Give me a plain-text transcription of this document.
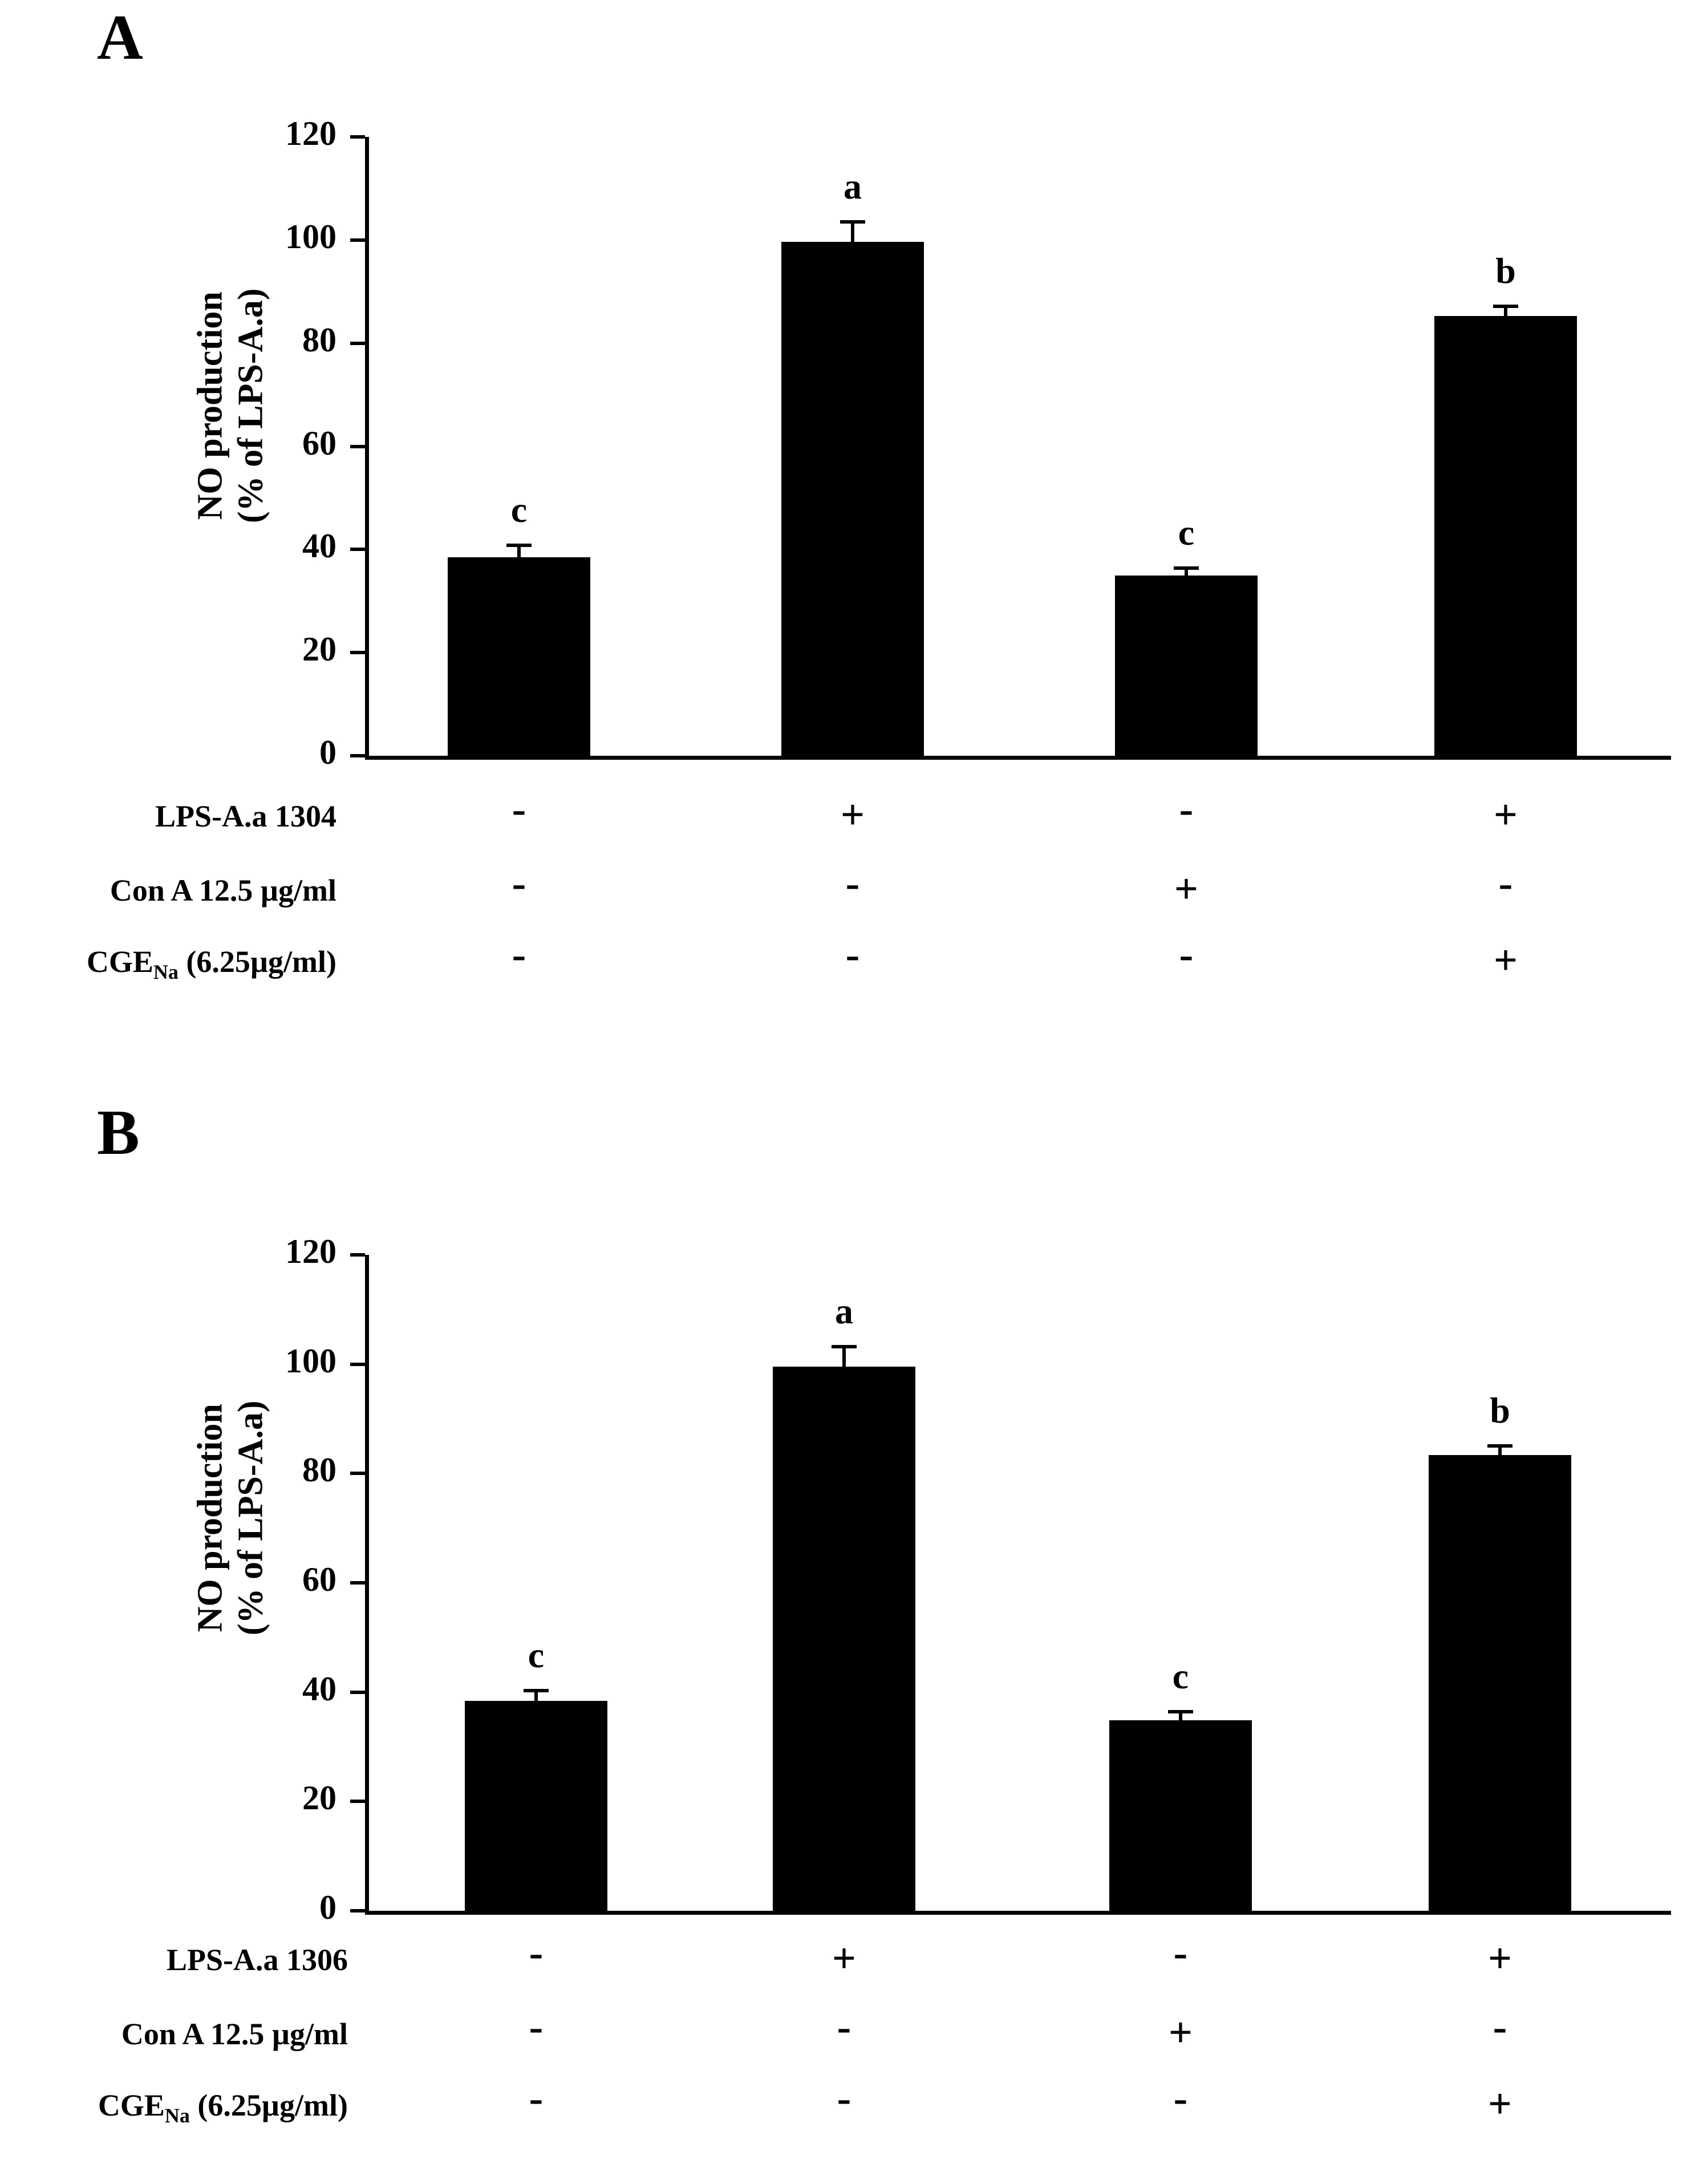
A
NO production
(% of LPS-A.a)
0
20
40
60
80
100
120
c
a
c
b
LPS-A.a 1304	-	+	-	+
Con A 12.5 µg/ml	-	-	+	-
$CGE_{Na}$ (6.25µg/ml)	-	-	-	+
B
NO production
(% of LPS-A.a)
0
20
40
60
80
100
120
c
a
c
b
LPS-A.a 1306	-	+	-	+
Con A 12.5 µg/ml	-	-	+	-
$CGE_{Na}$ (6.25µg/ml)	-	-	-	+
